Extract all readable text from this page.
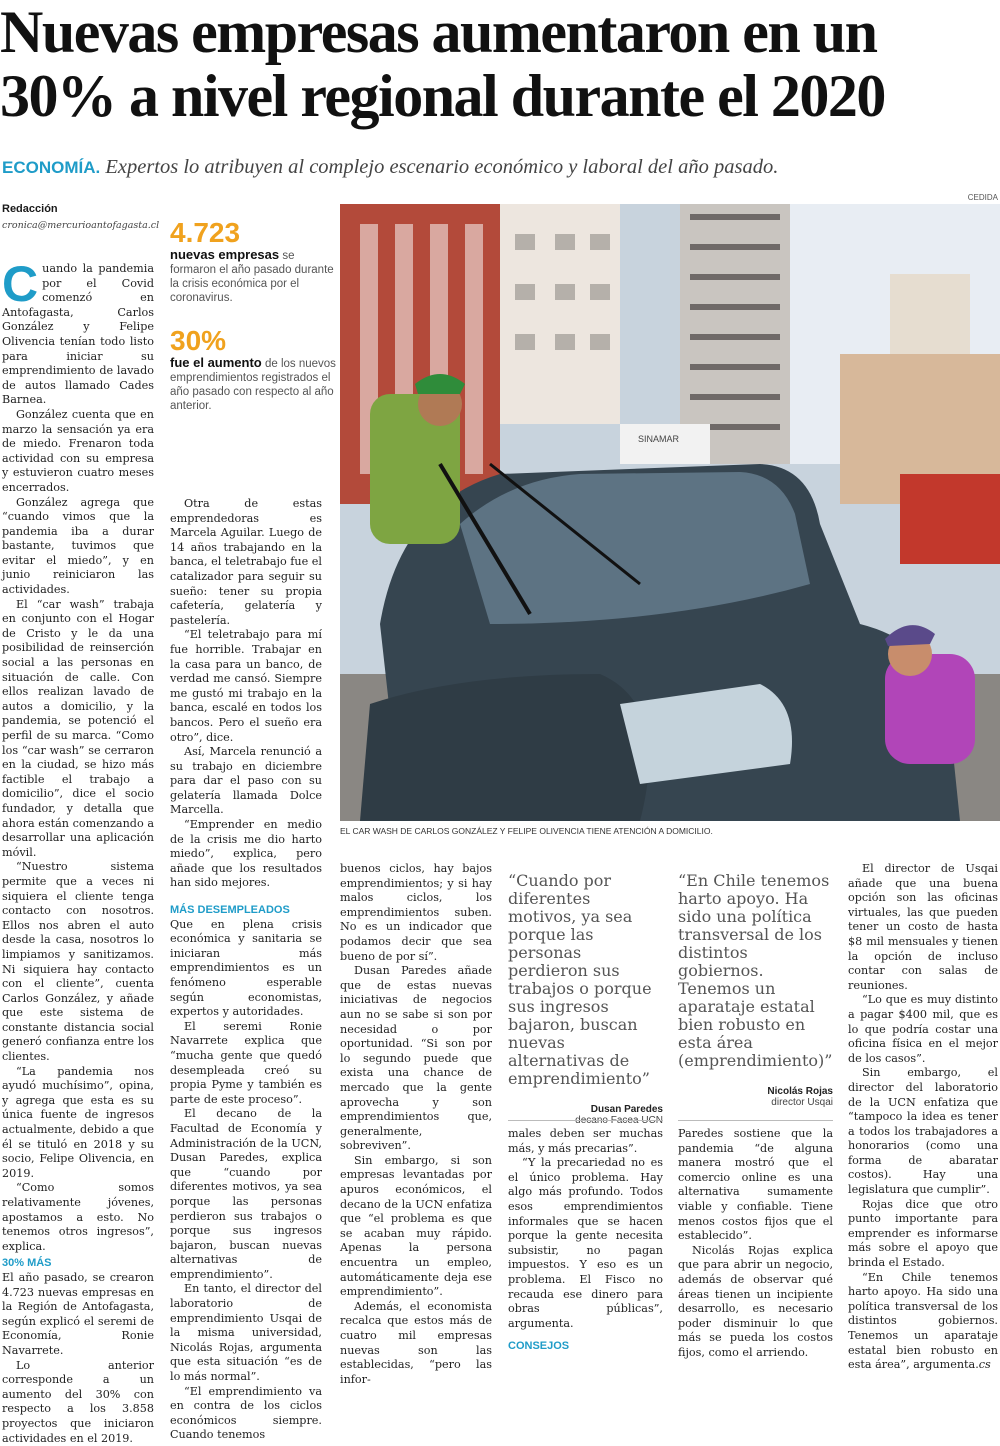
Nuevas empresas aumentaron en un
30% a nivel regional durante el 2020
ECONOMÍA. Expertos lo atribuyen al complejo escenario económico y laboral del año pasado.
CEDIDA
Redacción
cronica@mercurioantofagasta.cl

Cuando la pandemia por el Covid comenzó en Antofagasta, Carlos González y Felipe Olivencia tenían todo listo para iniciar su emprendimiento de lavado de autos llamado Cades Barnea.

González cuenta que en marzo la sensación ya era de miedo. Frenaron toda actividad con su empresa y estuvieron cuatro meses encerrados.

González agrega que “cuando vimos que la pandemia iba a durar bastante, tuvimos que evitar el miedo”, y en junio reiniciaron las actividades.

El “car wash” trabaja en conjunto con el Hogar de Cristo y le da una posibilidad de reinserción social a las personas en situación de calle. Con ellos realizan lavado de autos a domicilio, y la pandemia, se potenció el perfil de su marca. “Como los “car wash” se cerraron en la ciudad, se hizo más factible el trabajo a domicilio”, dice el socio fundador, y detalla que ahora están comenzando a desarrollar una aplicación móvil.

“Nuestro sistema permite que a veces ni siquiera el cliente tenga contacto con nosotros. Ellos nos abren el auto desde la casa, nosotros lo limpiamos y sanitizamos. Ni siquiera hay contacto con el cliente”, cuenta Carlos González, y añade que este sistema de constante distancia social generó confianza entre los clientes.

“La pandemia nos ayudó muchísimo”, opina, y agrega que esta es su única fuente de ingresos actualmente, debido a que él se tituló en 2018 y su socio, Felipe Olivencia, en 2019.

“Como somos relativamente jóvenes, apostamos a esto. No tenemos otros ingresos”, explica.

30% MÁS

El año pasado, se crearon 4.723 nuevas empresas en la Región de Antofagasta, según explicó el seremi de Economía, Ronie Navarrete.

Lo anterior corresponde a un aumento del 30% con respecto a los 3.858 proyectos que iniciaron actividades en el 2019.

4.723
nuevas empresas se formaron el año pasado durante la crisis económica por el coronavirus.
30%
fue el aumento de los nuevos emprendimientos registrados el año pasado con respecto al año anterior.

Otra de estas emprendedoras es Marcela Aguilar. Luego de 14 años trabajando en la banca, el teletrabajo fue el catalizador para seguir su sueño: tener su propia cafetería, gelatería y pastelería.

“El teletrabajo para mí fue horrible. Trabajar en la casa para un banco, de verdad me cansó. Siempre me gustó mi trabajo en la banca, escalé en todos los bancos. Pero el sueño era otro”, dice.

Así, Marcela renunció a su trabajo en diciembre para dar el paso con su gelatería llamada Dolce Marcella.

“Emprender en medio de la crisis me dio harto miedo”, explica, pero añade que los resultados han sido mejores.

MÁS DESEMPLEADOS

Que en plena crisis económica y sanitaria se iniciaran más emprendimientos es un fenómeno esperable según economistas, expertos y autoridades.

El seremi Ronie Navarrete explica que “mucha gente que quedó desempleada creó su propia Pyme y también es parte de este proceso”.

El decano de la Facultad de Economía y Administración de la UCN, Dusan Paredes, explica que “cuando por diferentes motivos, ya sea porque las personas perdieron sus trabajos o porque sus ingresos bajaron, buscan nuevas alternativas de emprendimiento”.

En tanto, el director del laboratorio de emprendimiento Usqai de la misma universidad, Nicolás Rojas, argumenta que esta situación “es de lo más normal”.

“El emprendimiento va en contra de los ciclos económicos siempre. Cuando tenemos

SINAMAR
EL CAR WASH DE CARLOS GONZÁLEZ Y FELIPE OLIVENCIA TIENE ATENCIÓN A DOMICILIO.

buenos ciclos, hay bajos emprendimientos; y si hay malos ciclos, los emprendimientos suben. No es un indicador que podamos decir que sea bueno de por sí”.

Dusan Paredes añade que de estas nuevas iniciativas de negocios aun no se sabe si son por necesidad o por oportunidad. “Si son por lo segundo puede que exista una chance de mercado que la gente aprovecha y son emprendimientos que, generalmente, sobreviven”.

Sin embargo, si son empresas levantadas por apuros económicos, el decano de la UCN enfatiza que “el problema es que se acaban muy rápido. Apenas la persona encuentra un empleo, automáticamente deja ese emprendimiento”.

Además, el economista recalca que estos más de cuatro mil empresas nuevas son las establecidas, “pero las infor-

“Cuando por diferentes motivos, ya sea porque las personas perdieron sus trabajos o porque sus ingresos bajaron, buscan nuevas alternativas de emprendimiento”
Dusan Paredes
“En Chile tenemos harto apoyo. Ha sido una política transversal de los distintos gobiernos. Tenemos un aparataje estatal bien robusto en esta área (emprendimiento)”
Nicolás Rojas
director Usqai

males deben ser muchas más, y más precarias”.

“Y la precariedad no es el único problema. Hay algo más profundo. Todos esos emprendimientos informales que se hacen porque la gente necesita subsistir, no pagan impuestos. Y eso es un problema. El Fisco no recauda ese dinero para obras públicas”, argumenta.

CONSEJOS

Paredes sostiene que la pandemia “de alguna manera mostró que el comercio online es una alternativa sumamente viable y confiable. Tiene menos costos fijos que el establecido”.

Nicolás Rojas explica que para abrir un negocio, además de observar qué áreas tienen un incipiente desarrollo, es necesario poder disminuir lo que más se pueda los costos fijos, como el arriendo.

El director de Usqai añade que una buena opción son las oficinas virtuales, las que pueden tener un costo de hasta $8 mil mensuales y tienen la opción de incluso contar con salas de reuniones.

“Lo que es muy distinto a pagar $400 mil, que es lo que podría costar una oficina física en el mejor de los casos”.

Sin embargo, el director del laboratorio de la UCN enfatiza que “tampoco la idea es tener a todos los trabajadores a honorarios (como una forma de abaratar costos). Hay una legislatura que cumplir”.

Rojas dice que otro punto importante para emprender es informarse más sobre el apoyo que brinda el Estado.

“En Chile tenemos harto apoyo. Ha sido una política transversal de los distintos gobiernos. Tenemos un aparataje estatal bien robusto en esta área”, argumenta.cs
